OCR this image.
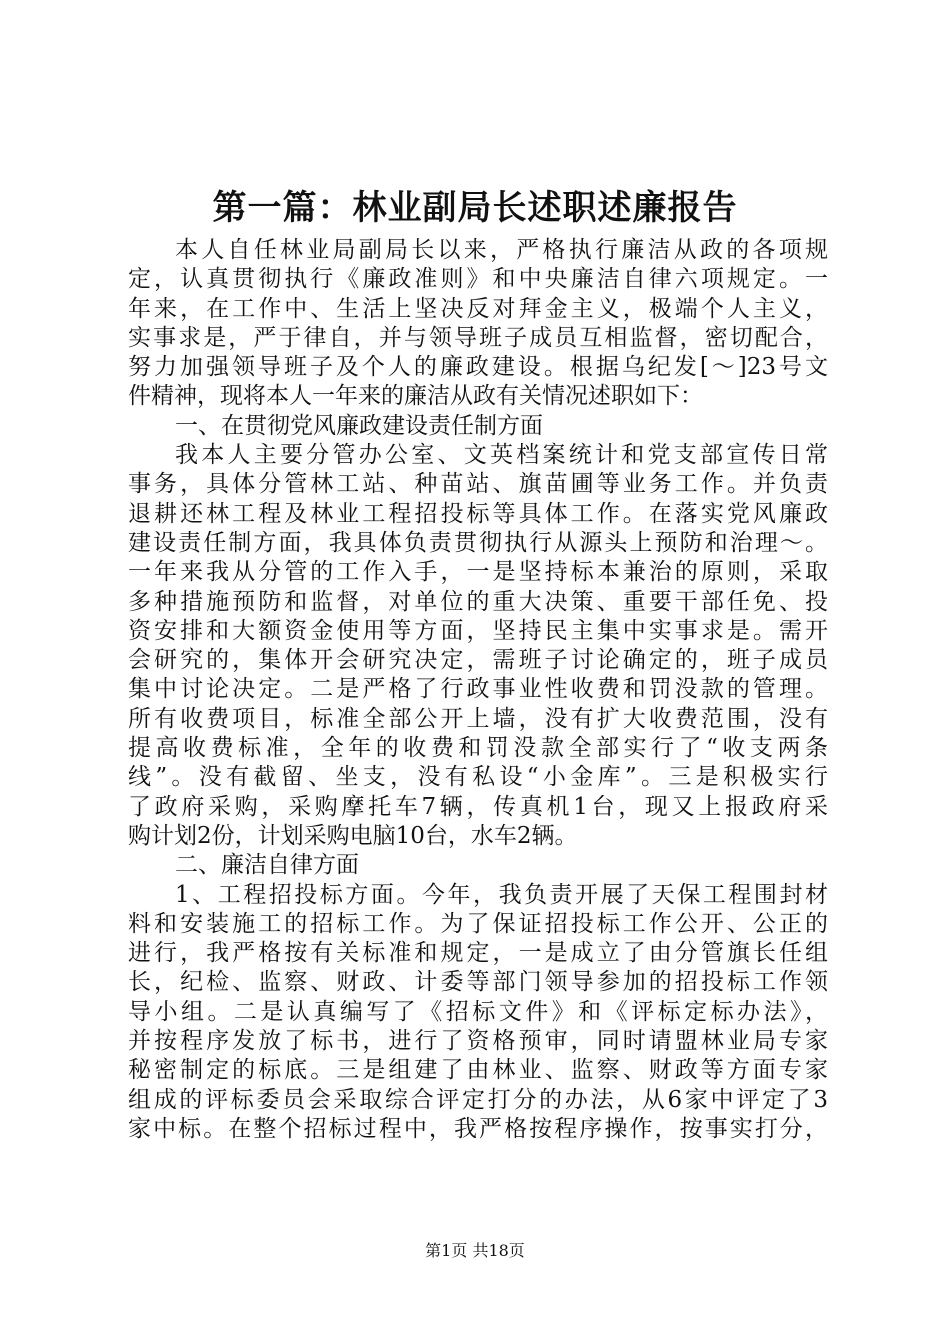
第一篇：林业副局长述职述廉报告
本人自任林业局副局长以来，严格执行廉洁从政的各项规
定，认真贯彻执行《廉政准则》和中央廉洁自律六项规定。一
年来，在工作中、生活上坚决反对拜金主义，极端个人主义，
实事求是，严于律自，并与领导班子成员互相监督，密切配合，
努力加强领导班子及个人的廉政建设。根据乌纪发[～]23号文
件精神，现将本人一年来的廉洁从政有关情况述职如下：
一、在贯彻党风廉政建设责任制方面
我本人主要分管办公室、文英档案统计和党支部宣传日常
事务，具体分管林工站、种苗站、旗苗圃等业务工作。并负责
退耕还林工程及林业工程招投标等具体工作。在落实党风廉政
建设责任制方面，我具体负责贯彻执行从源头上预防和治理～。
一年来我从分管的工作入手，一是坚持标本兼治的原则，采取
多种措施预防和监督，对单位的重大决策、重要干部任免、投
资安排和大额资金使用等方面，坚持民主集中实事求是。需开
会研究的，集体开会研究决定，需班子讨论确定的，班子成员
集中讨论决定。二是严格了行政事业性收费和罚没款的管理。
所有收费项目，标准全部公开上墙，没有扩大收费范围，没有
提高收费标准，全年的收费和罚没款全部实行了“收支两条
线”。没有截留、坐支，没有私设“小金库”。三是积极实行
了政府采购，采购摩托车7辆，传真机1台，现又上报政府采
购计划2份，计划采购电脑10台，水车2辆。
二、廉洁自律方面
1、工程招投标方面。今年，我负责开展了天保工程围封材
料和安装施工的招标工作。为了保证招投标工作公开、公正的
进行，我严格按有关标准和规定，一是成立了由分管旗长任组
长，纪检、监察、财政、计委等部门领导参加的招投标工作领
导小组。二是认真编写了《招标文件》和《评标定标办法》，
并按程序发放了标书，进行了资格预审，同时请盟林业局专家
秘密制定的标底。三是组建了由林业、监察、财政等方面专家
组成的评标委员会采取综合评定打分的办法，从6家中评定了3
家中标。在整个招标过程中，我严格按程序操作，按事实打分，
第1页 共18页
